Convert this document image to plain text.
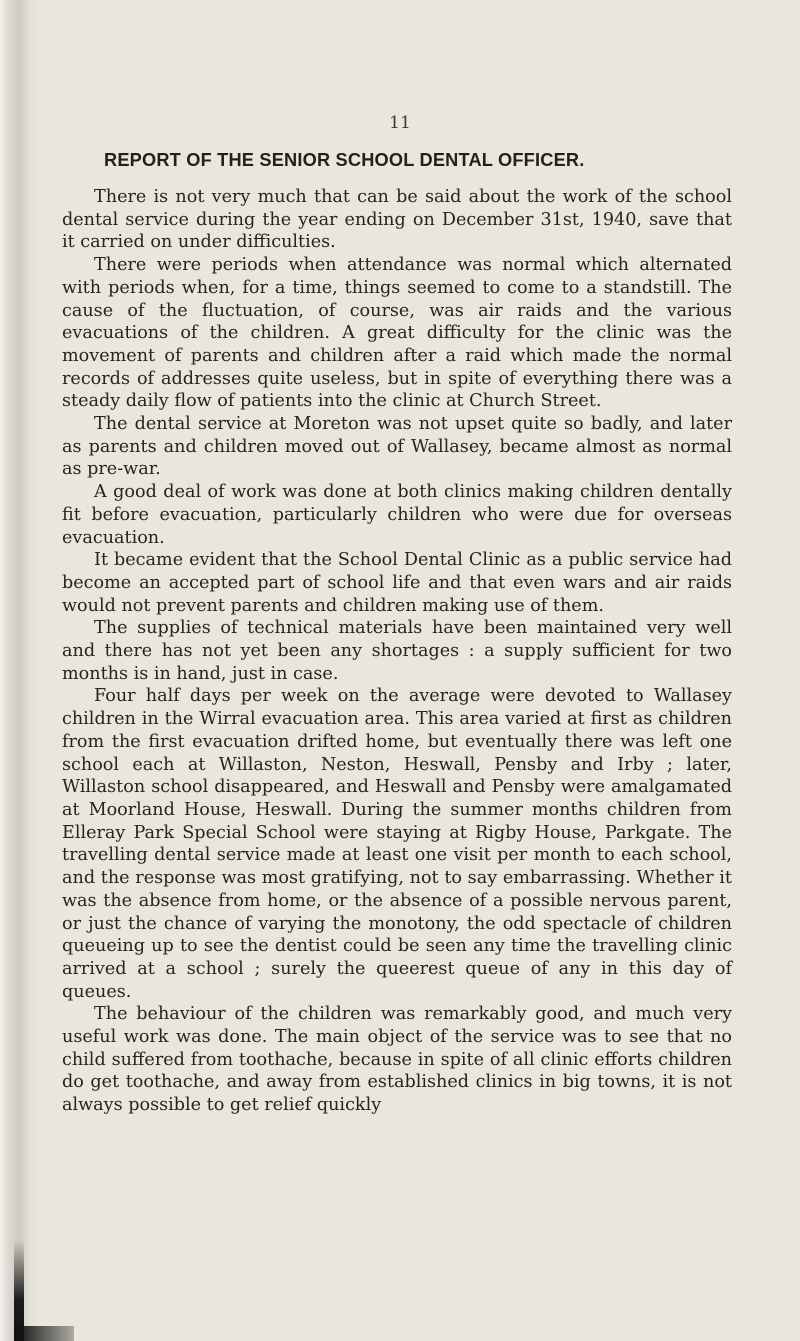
11
REPORT OF THE SENIOR SCHOOL DENTAL OFFICER.

There is not very much that can be said about the work of the school dental service during the year ending on December 31st, 1940, save that it carried on under difficulties.

There were periods when attendance was normal which alternated with periods when, for a time, things seemed to come to a standstill. The cause of the fluctuation, of course, was air raids and the various evacuations of the children. A great difficulty for the clinic was the movement of parents and children after a raid which made the normal records of addresses quite useless, but in spite of everything there was a steady daily flow of patients into the clinic at Church Street.

The dental service at Moreton was not upset quite so badly, and later as parents and children moved out of Wallasey, became almost as normal as pre-war.

A good deal of work was done at both clinics making children dentally fit before evacuation, particularly children who were due for overseas evacuation.

It became evident that the School Dental Clinic as a public service had become an accepted part of school life and that even wars and air raids would not prevent parents and children making use of them.

The supplies of technical materials have been maintained very well and there has not yet been any shortages : a supply sufficient for two months is in hand, just in case.

Four half days per week on the average were devoted to Wallasey children in the Wirral evacuation area. This area varied at first as children from the first evacuation drifted home, but eventually there was left one school each at Willaston, Neston, Heswall, Pensby and Irby ; later, Willaston school disappeared, and Heswall and Pensby were amalgamated at Moorland House, Heswall. During the summer months children from Elleray Park Special School were staying at Rigby House, Parkgate. The travelling dental service made at least one visit per month to each school, and the response was most gratifying, not to say embarrassing. Whether it was the absence from home, or the absence of a possible nervous parent, or just the chance of varying the monotony, the odd spectacle of children queueing up to see the dentist could be seen any time the travelling clinic arrived at a school ; surely the queerest queue of any in this day of queues.

The behaviour of the children was remarkably good, and much very useful work was done. The main object of the service was to see that no child suffered from toothache, because in spite of all clinic efforts children do get toothache, and away from established clinics in big towns, it is not always possible to get relief quickly
